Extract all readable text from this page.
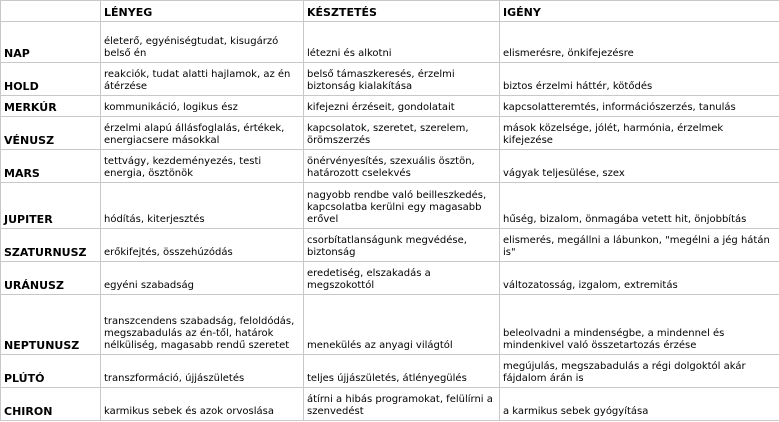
	LÉNYEG	KÉSZTETÉS	IGÉNY
NAP	életerő, egyéniségtudat, kisugárzó belső én	létezni és alkotni	elismerésre, önkifejezésre
HOLD	reakciók, tudat alatti hajlamok, az én átérzése	belső támaszkeresés, érzelmi biztonság kialakítása	biztos érzelmi háttér, kötődés
MERKÚR	kommunikáció, logikus ész	kifejezni érzéseit, gondolatait	kapcsolatteremtés, információszerzés, tanulás
VÉNUSZ	érzelmi alapú állásfoglalás, értékek, energiacsere másokkal	kapcsolatok, szeretet, szerelem, örömszerzés	mások közelsége, jólét, harmónia, érzelmek kifejezése
MARS	tettvágy, kezdeményezés, testi energia, ösztönök	önérvényesítés, szexuális ösztön, határozott cselekvés	vágyak teljesülése, szex
JUPITER	hódítás, kiterjesztés	nagyobb rendbe való beilleszkedés, kapcsolatba kerülni egy magasabb erővel	hűség, bizalom, önmagába vetett hit, önjobbítás
SZATURNUSZ	erőkifejtés, összehúzódás	csorbítatlanságunk megvédése, biztonság	elismerés, megállni a lábunkon, "megélni a jég hátán is"
URÁNUSZ	egyéni szabadság	eredetiség, elszakadás a megszokottól	változatosság, izgalom, extremitás
NEPTUNUSZ	transzcendens szabadság, feloldódás, megszabadulás az én-től, határok nélküliség, magasabb rendű szeretet	menekülés az anyagi világtól	beleolvadni a mindenségbe, a mindennel és mindenkivel való összetartozás érzése
PLÚTÓ	transzformáció, újjászületés	teljes újjászületés, átlényegülés	megújulás, megszabadulás a régi dolgoktól akár fájdalom árán is
CHIRON	karmikus sebek és azok orvoslása	átírni a hibás programokat, felülírni a szenvedést	a karmikus sebek gyógyítása
